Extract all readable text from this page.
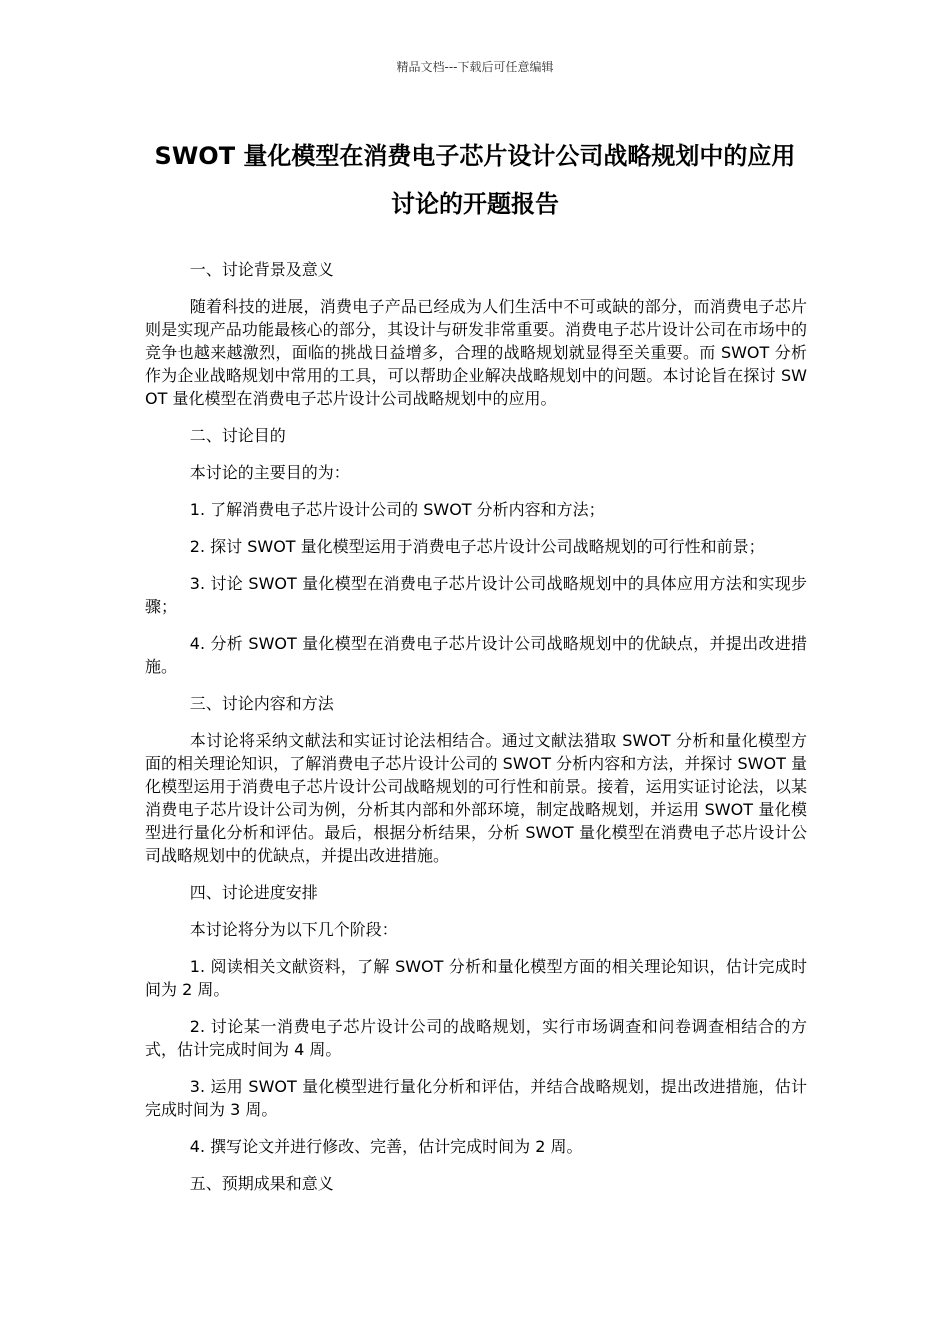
精品文档---下载后可任意编辑
SWOT 量化模型在消费电子芯片设计公司战略规划中的应用讨论的开题报告

一、讨论背景及意义

随着科技的进展，消费电子产品已经成为人们生活中不可或缺的部分，而消费电子芯片则是实现产品功能最核心的部分，其设计与研发非常重要。消费电子芯片设计公司在市场中的竞争也越来越激烈，面临的挑战日益增多，合理的战略规划就显得至关重要。而 SWOT 分析作为企业战略规划中常用的工具，可以帮助企业解决战略规划中的问题。本讨论旨在探讨 SWOT 量化模型在消费电子芯片设计公司战略规划中的应用。

二、讨论目的

本讨论的主要目的为：

1. 了解消费电子芯片设计公司的 SWOT 分析内容和方法；

2. 探讨 SWOT 量化模型运用于消费电子芯片设计公司战略规划的可行性和前景；

3. 讨论 SWOT 量化模型在消费电子芯片设计公司战略规划中的具体应用方法和实现步骤；

4. 分析 SWOT 量化模型在消费电子芯片设计公司战略规划中的优缺点，并提出改进措施。

三、讨论内容和方法

本讨论将采纳文献法和实证讨论法相结合。通过文献法猎取 SWOT 分析和量化模型方面的相关理论知识，了解消费电子芯片设计公司的 SWOT 分析内容和方法，并探讨 SWOT 量化模型运用于消费电子芯片设计公司战略规划的可行性和前景。接着，运用实证讨论法，以某消费电子芯片设计公司为例，分析其内部和外部环境，制定战略规划，并运用 SWOT 量化模型进行量化分析和评估。最后，根据分析结果，分析 SWOT 量化模型在消费电子芯片设计公司战略规划中的优缺点，并提出改进措施。

四、讨论进度安排

本讨论将分为以下几个阶段：

1. 阅读相关文献资料，了解 SWOT 分析和量化模型方面的相关理论知识，估计完成时间为 2 周。

2. 讨论某一消费电子芯片设计公司的战略规划，实行市场调查和问卷调查相结合的方式，估计完成时间为 4 周。

3. 运用 SWOT 量化模型进行量化分析和评估，并结合战略规划，提出改进措施，估计完成时间为 3 周。

4. 撰写论文并进行修改、完善，估计完成时间为 2 周。

五、预期成果和意义
